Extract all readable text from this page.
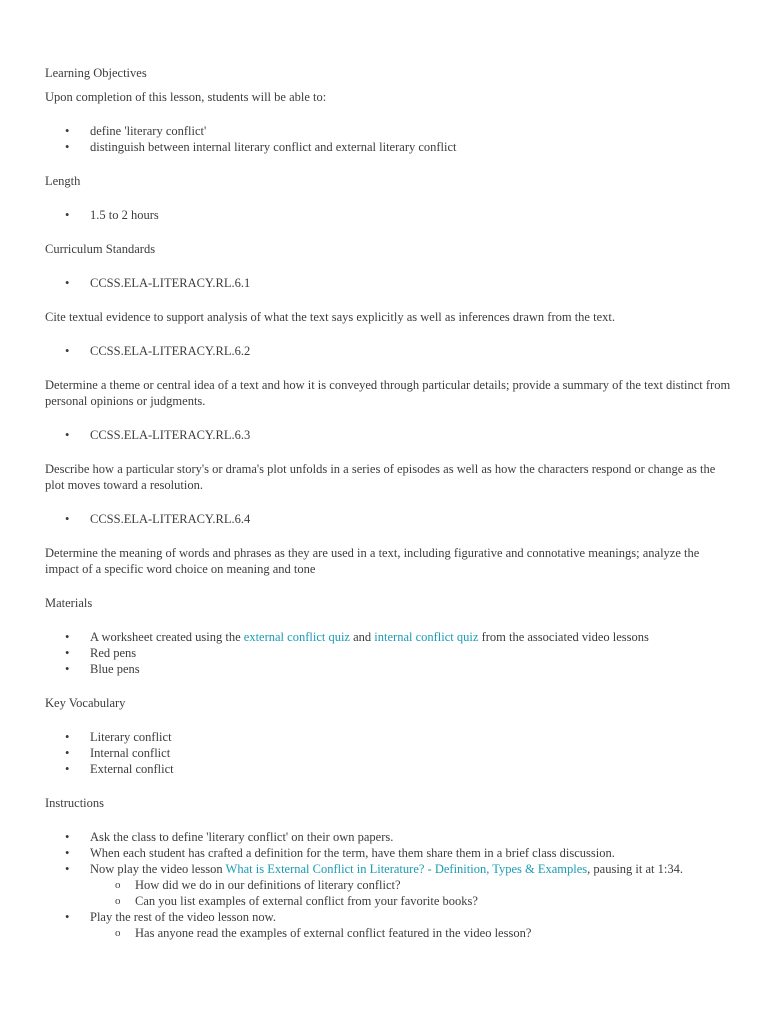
Learning Objectives

Upon completion of this lesson, students will be able to:

• define 'literary conflict'
• distinguish between internal literary conflict and external literary conflict

Length

• 1.5 to 2 hours

Curriculum Standards

• CCSS.ELA-LITERACY.RL.6.1

Cite textual evidence to support analysis of what the text says explicitly as well as inferences drawn from the text.

• CCSS.ELA-LITERACY.RL.6.2

Determine a theme or central idea of a text and how it is conveyed through particular details; provide a summary of the text distinct from personal opinions or judgments.

• CCSS.ELA-LITERACY.RL.6.3

Describe how a particular story's or drama's plot unfolds in a series of episodes as well as how the characters respond or change as the plot moves toward a resolution.

• CCSS.ELA-LITERACY.RL.6.4

Determine the meaning of words and phrases as they are used in a text, including figurative and connotative meanings; analyze the impact of a specific word choice on meaning and tone

Materials

• A worksheet created using the external conflict quiz and internal conflict quiz from the associated video lessons
• Red pens
• Blue pens

Key Vocabulary

• Literary conflict
• Internal conflict
• External conflict

Instructions

• Ask the class to define 'literary conflict' on their own papers.
• When each student has crafted a definition for the term, have them share them in a brief class discussion.
• Now play the video lesson What is External Conflict in Literature? - Definition, Types & Examples, pausing it at 1:34.
o How did we do in our definitions of literary conflict?
o Can you list examples of external conflict from your favorite books?
• Play the rest of the video lesson now.
o Has anyone read the examples of external conflict featured in the video lesson?
